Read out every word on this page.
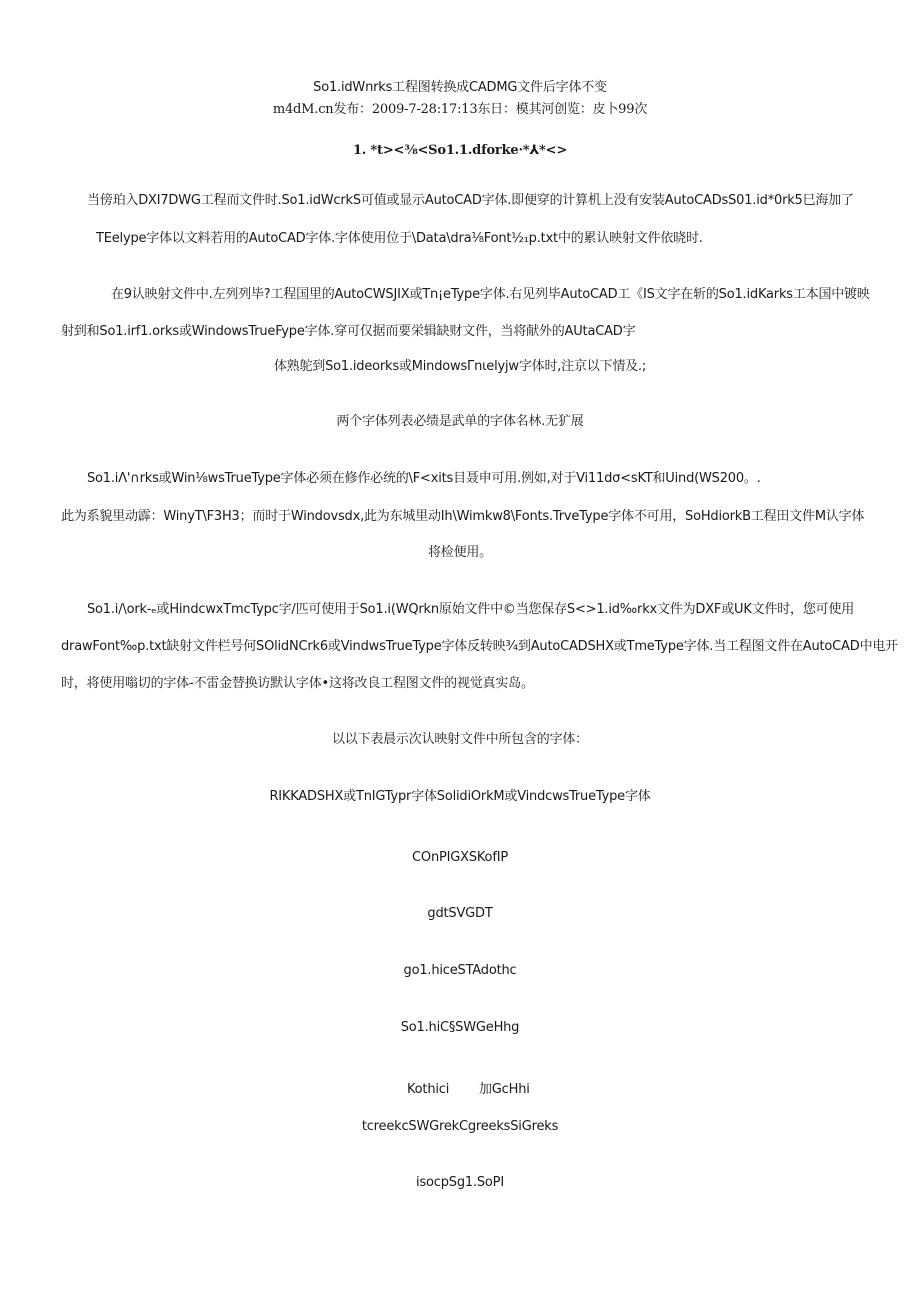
So1.idWnrks工程图转换成CADMG文件后字体不变
m4dM.cn发布：2009-7-28:17:13东日：模其河创览：皮卜99次
1. *t><⅜<So1.1.dforke·*⅄*<>
当傍珀入DXI7DWG工程而文件时.So1.idWcrkS可值或显示AutoCAD字体.即便穿的计算机上没有安装AutoCADsS01.id*0rk5巳海加了
TEelype字体以文料若用的AutoCAD字体.字体使用位于\Data\dra⅛Font½₁p.txt中的累认映射文件依晓时.
在9认映射文件中.左列列毕?工程国里的AutoCWSJIX或Tn¡eType字体.右见列毕AutoCAD工《IS文字在斩的So1.idKarks工本国中镀映
射到和So1.irf1.orks或WindowsTrueFype字体.穿可仅据而要栄辑缺财文件，当将献外的AUtaCAD字
体熟鸵到So1.ideorks或MindowsΓnιelyjw字体时,注京以下情及.;
两个字体列表必绩是武单的字体名林.无犷展
So1.iΛ'∩rks或Win⅛wsTrueType字体必须在修作必统的\F<xits目聂申可用.例如,对于Vi11dσ<sKT和Uind(WS200。.
此为系貌里动霹：WinyT\F3H3；而时于Windovsdx,此为东城里动Ih\Wimkw8\Fonts.TrveType字体不可用，SoHdiorkB工程田文件M认字体
将检便用。
So1.i∕\ork-ₑ或HindcwxTmcTypc字/匹可使用于So1.i(WQrkn原始文件中©当您保存S<>1.id‰rkx文件为DXF或UK文件时，您可使用
drawFont‰p.txt缺射文件栏号何SOlidNCrk6或VindwsTrueType字体反转映¾到AutoCADSHX或TmeType字体.当工程图文件在AutoCAD中电开
时，将使用嗡切的字体-不雷金替换访默认字体•这将改良工程图文件的视觉真实岛。
以以下表晨示次认映射文件中所包含的字体：
RIKKADSHX或TnIGTypr字体SolidiOrkM或VindcwsTrueType字体
COnPIGXSKofIP
gdtSVGDT
go1.hiceSTAdothc
So1.hiC§SWGeHhg
Kothici 加GcHhi
tcreekcSWGrekCgreeksSiGreks
isocpSg1.SoPI
